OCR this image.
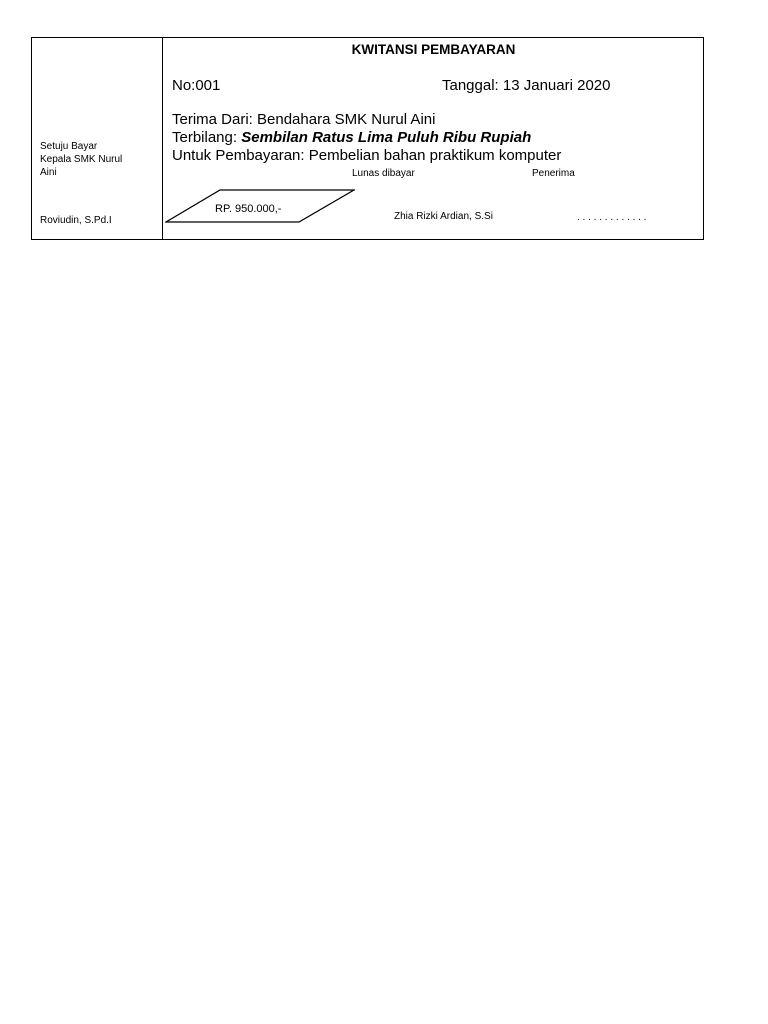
Setuju Bayar
Kepala SMK Nurul
Aini
Roviudin, S.Pd.I
KWITANSI PEMBAYARAN
No:001	Tanggal: 13 Januari 2020
Terima Dari: Bendahara SMK Nurul Aini
Terbilang: Sembilan Ratus Lima Puluh Ribu Rupiah
Untuk Pembayaran: Pembelian bahan praktikum komputer
Lunas dibayar	Penerima
RP. 950.000,-
Zhia Rizki Ardian, S.Si	. . . . . . . . . . . . .
